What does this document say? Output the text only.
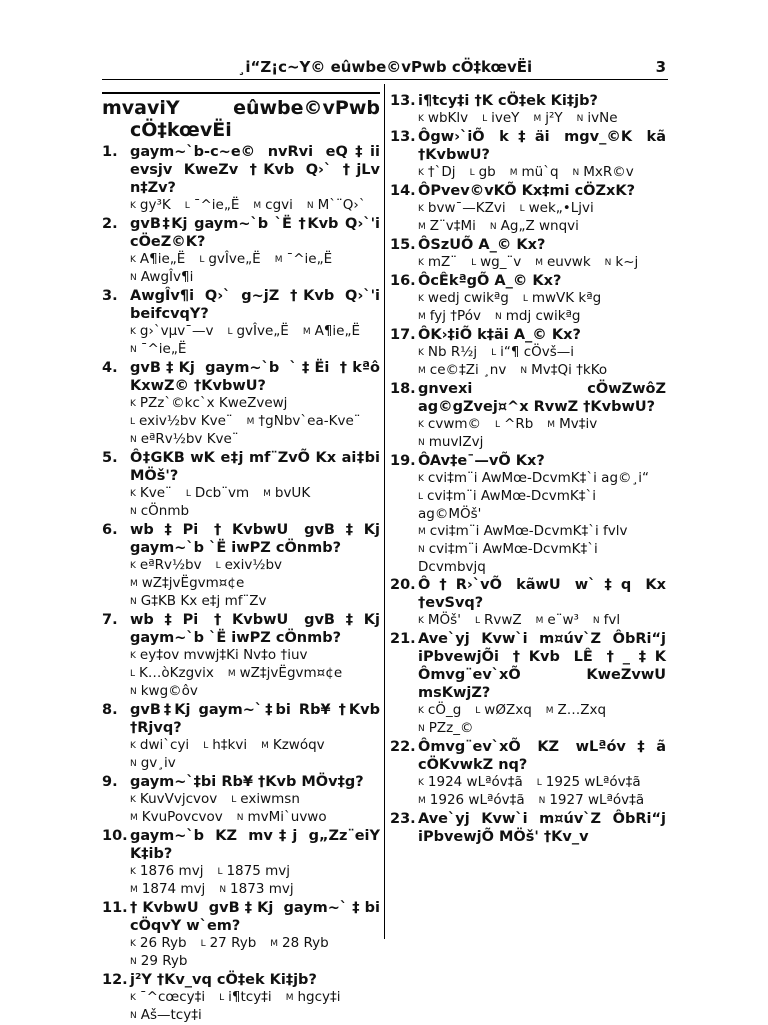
¸i“Z¡c~Y© eûwbe©vPwb cÖ‡kœvËi	3
mvaviY eûwbe©vPwb
cÖ‡kœvËi
1. gaym~`b-c~e© nvRvi eQ‡ii evsjv KweZv †Kvb Q›` †jLv n‡Zv?
K gy³K L ¯^ie„Ë M cgvi N M`¨Q›`
2. gvB‡Kj gaym~`b `Ë †Kvb Q›`'i cÖeZ©K?
K A¶ie„Ë L gvÎve„Ë M ¯^ie„ËN AwgÎv¶i
3. AwgÎv¶i Q›` g~jZ †Kvb Q›`'i beifcvqY?
K g›`vµv¯—v L gvÎve„Ë M A¶ie„ËN ¯^ie„Ë
4. gvB‡Kj gaym~`b `‡Ëi †kªô KxwZ© †KvbwU?
K PZz`©kc`x KweZvewjL exiv½bv Kve¨ M †gNbv`ea-Kve¨N eªRv½bv Kve¨
5. Ô‡GKB wK e‡j mf¨ZvÕ Kx ai‡bi MÖš'?
K Kve¨ L Dcb¨vm M bvUKN cÖnmb
6. wb‡Pi †KvbwU gvB‡Kj gaym~`b `Ë iwPZ cÖnmb?
K eªRv½bv L exiv½bvM wZ‡jvËgvm¤¢eN G‡KB Kx e‡j mf¨Zv
7. wb‡Pi †KvbwU gvB‡Kj gaym~`b `Ë iwPZ cÖnmb?
K ey‡ov mvwj‡Ki Nv‡o †iuvL K…òKzgvix M wZ‡jvËgvm¤¢eN kwg©ôv
8. gvB‡Kj gaym~`‡bi Rb¥ †Kvb †Rjvq?
K dwi`cyi L h‡kvi M KzwóqvN gv¸iv
9. gaym~`‡bi Rb¥ †Kvb MÖv‡g?
K KuvVvjcvov L exiwmsnM KvuPovcvov N mvMi`uvwo
10. gaym~`b KZ mv‡j g„Zz¨eiY K‡ib?
K 1876 mvj L 1875 mvjM 1874 mvj N 1873 mvj
11. †KvbwU gvB‡Kj gaym~`‡bi cÖqvY w`em?
K 26 Ryb L 27 Ryb M 28 RybN 29 Ryb
12. j²Y †Kv_vq cÖ‡ek Ki‡jb?
K ¯^cœcy‡i L i¶tcy‡i M hgcy‡iN Aš—tcy‡i
13. i¶tcy‡i †K cÖ‡ek Ki‡jb?
K wbKlv L iveY M j²Y N ivNe
13. Ôgw›`iÕ k‡äi mgv_©K kã †KvbwU?
K †`Dj L gb M mü`q N MxR©v
14. ÔPvev©vKÕ Kx‡mi cÖZxK?
K bvw¯—KZvi L wek„•LjviM Z¨v‡Mi N Ag„Z wnqvi
15. ÔSzUÕ A_© Kx?
K mZ¨ L wg_¨v M euvwk N k~j
16. ÔcÊkªgÕ A_© Kx?
K wedj cwikªg L mwVK kªgM fyj †Póv N mdj cwikªg
17. ÔK›‡iÕ k‡äi A_© Kx?
K Nb R½j L i“¶ cÖvš—iM ce©‡Zi ¸nv N Mv‡Qi †kKo
18. gnvexi cÖwZwôZ ag©gZvej¤^x RvwZ †KvbwU?
K cvwm© L ^Rb M Mv‡ivN muvIZvj
19. ÔAv‡e¯—vÕ Kx?
K cvi‡m¨i AwMœ-DcvmK‡`i ag©¸i“L cvi‡m¨i AwMœ-DcvmK‡`i ag©MÖš'M cvi‡m¨i AwMœ-DcvmK‡`i fvlvN cvi‡m¨i AwMœ-DcvmK‡`i Dcvmbvjq
20. Ô†R›`vÕ kãwU w`‡q Kx †evSvq?
K MÖš' L RvwZ M e¨w³ N fvl
21. Ave`yj Kvw`i m¤úv`Z ÔbRi“j iPbvewjÕi †Kvb LÊ †_‡K Ômvg¨ev`xÕ KweZvwU msKwjZ?
K cÖ_g L wØZxq M Z…ZxqN PZz_©
22. Ômvg¨ev`xÕ KZ wLªóv‡ã cÖKvwkZ nq?
K 1924 wLªóv‡ã L 1925 wLªóv‡ãM 1926 wLªóv‡ã N 1927 wLªóv‡ã
23. Ave`yj Kvw`i m¤úv`Z ÔbRi“j iPbvewjÕ MÖš' †Kv_v
